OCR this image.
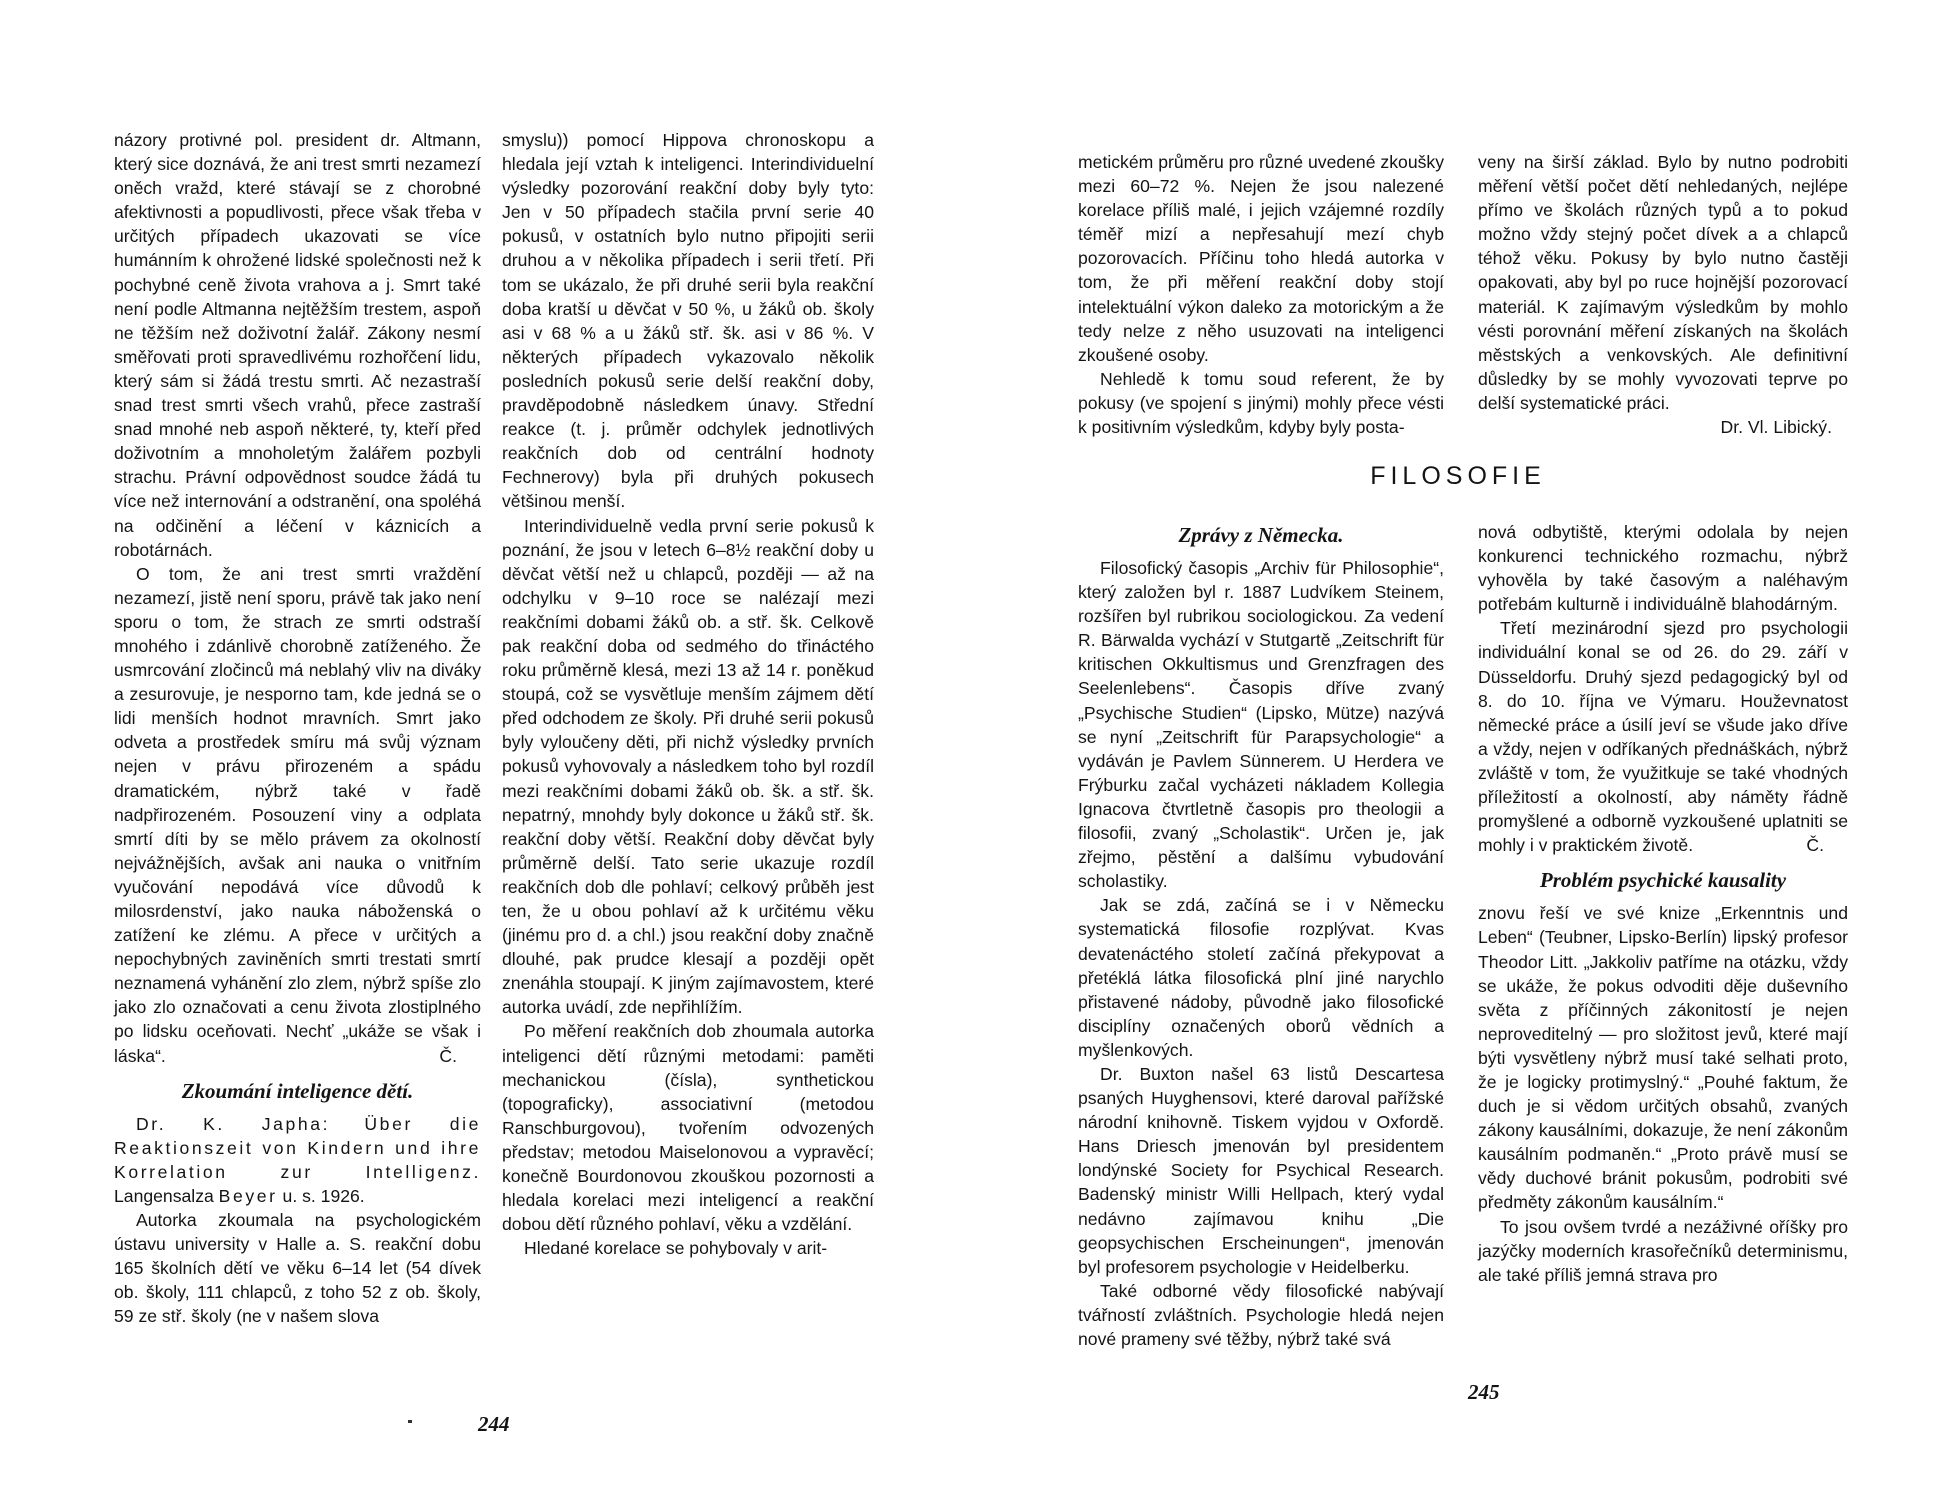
názory protivné pol. president dr. Altmann, který sice doznává, že ani trest smrti nezamezí oněch vražd, které stávají se z chorobné afektivnosti a popudlivosti, přece však třeba v určitých případech ukazovati se více humánním k ohrožené lidské společnosti než k pochybné ceně života vrahova a j. Smrt také není podle Altmanna nejtěžším trestem, aspoň ne těžším než doživotní žalář. Zákony nesmí směřovati proti spravedlivému rozhořčení lidu, který sám si žádá trestu smrti. Ač nezastraší snad trest smrti všech vrahů, přece zastraší snad mnohé neb aspoň některé, ty, kteří před doživotním a mnoholetým žalářem pozbyli strachu. Právní odpovědnost soudce žádá tu více než internování a odstranění, ona spoléhá na odčinění a léčení v káznicích a robotárnách.

O tom, že ani trest smrti vraždění nezamezí, jistě není sporu, právě tak jako není sporu o tom, že strach ze smrti odstraší mnohého i zdánlivě chorobně zatíženého. Že usmrcování zločinců má neblahý vliv na diváky a zesurovuje, je nesporno tam, kde jedná se o lidi menších hodnot mravních. Smrt jako odveta a prostředek smíru má svůj význam nejen v právu přirozeném a spádu dramatickém, nýbrž také v řadě nadpřirozeném. Posouzení viny a odplata smrtí díti by se mělo právem za okolností nejvážnějších, avšak ani nauka o vnitřním vyučování nepodává více důvodů k milosrdenství, jako nauka náboženská o zatížení ke zlému. A přece v určitých a nepochybných zaviněních smrti trestati smrtí neznamená vyhánění zlo zlem, nýbrž spíše zlo jako zlo označovati a cenu života zlostiplného po lidsku oceňovati. Nechť „ukáže se však i láska“.	Č.

Zkoumání inteligence dětí.

Dr. K. Japha: Über die Reaktionszeit von Kindern und ihre Korrelation zur Intelligenz. Langensalza Beyer u. s. 1926.

Autorka zkoumala na psychologickém ústavu university v Halle a. S. reakční dobu 165 školních dětí ve věku 6–14 let (54 dívek ob. školy, 111 chlapců, z toho 52 z ob. školy, 59 ze stř. školy (ne v našem slova

smyslu)) pomocí Hippova chronoskopu a hledala její vztah k inteligenci. Interindividuelní výsledky pozorování reakční doby byly tyto: Jen v 50 případech stačila první serie 40 pokusů, v ostatních bylo nutno připojiti serii druhou a v několika případech i serii třetí. Při tom se ukázalo, že při druhé serii byla reakční doba kratší u děvčat v 50 %, u žáků ob. školy asi v 68 % a u žáků stř. šk. asi v 86 %. V některých případech vykazovalo několik posledních pokusů serie delší reakční doby, pravděpodobně následkem únavy. Střední reakce (t. j. průměr odchylek jednotlivých reakčních dob od centrální hodnoty Fechnerovy) byla při druhých pokusech většinou menší.

Interindividuelně vedla první serie pokusů k poznání, že jsou v letech 6–8½ reakční doby u děvčat větší než u chlapců, později — až na odchylku v 9–10 roce se nalézají mezi reakčními dobami žáků ob. a stř. šk. Celkově pak reakční doba od sedmého do třináctého roku průměrně klesá, mezi 13 až 14 r. poněkud stoupá, což se vysvětluje menším zájmem dětí před odchodem ze školy. Při druhé serii pokusů byly vyloučeny děti, při nichž výsledky prvních pokusů vyhovovaly a následkem toho byl rozdíl mezi reakčními dobami žáků ob. šk. a stř. šk. nepatrný, mnohdy byly dokonce u žáků stř. šk. reakční doby větší. Reakční doby děvčat byly průměrně delší. Tato serie ukazuje rozdíl reakčních dob dle pohlaví; celkový průběh jest ten, že u obou pohlaví až k určitému věku (jinému pro d. a chl.) jsou reakční doby značně dlouhé, pak prudce klesají a později opět znenáhla stoupají. K jiným zajímavostem, které autorka uvádí, zde nepřihlížím.

Po měření reakčních dob zhoumala autorka inteligenci dětí různými metodami: paměti mechanickou (čísla), synthetickou (topograficky), associativní (metodou Ranschburgovou), tvořením odvozených představ; metodou Maiselonovou a vypravěcí; konečně Bourdonovou zkouškou pozornosti a hledala korelaci mezi inteligencí a reakční dobou dětí různého pohlaví, věku a vzdělání.

Hledané korelace se pohybovaly v arit-

244

metickém průměru pro různé uvedené zkoušky mezi 60–72 %. Nejen že jsou nalezené korelace příliš malé, i jejich vzájemné rozdíly téměř mizí a nepřesahují mezí chyb pozorovacích. Příčinu toho hledá autorka v tom, že při měření reakční doby stojí intelektuální výkon daleko za motorickým a že tedy nelze z něho usuzovati na inteligenci zkoušené osoby.

Nehledě k tomu soud referent, že by pokusy (ve spojení s jinými) mohly přece vésti k positivním výsledkům, kdyby byly posta-

veny na širší základ. Bylo by nutno podrobiti měření větší počet dětí nehledaných, nejlépe přímo ve školách různých typů a to pokud možno vždy stejný počet dívek a a chlapců téhož věku. Pokusy by bylo nutno častěji opakovati, aby byl po ruce hojnější pozorovací materiál. K zajímavým výsledkům by mohlo vésti porovnání měření získaných na školách městských a venkovských. Ale definitivní důsledky by se mohly vyvozovati teprve po delší systematické práci.

Dr. Vl. Libický.

FILOSOFIE
Zprávy z Německa.

Filosofický časopis „Archiv für Philosophie“, který založen byl r. 1887 Ludvíkem Steinem, rozšířen byl rubrikou sociologickou. Za vedení R. Bärwalda vychází v Stutgartě „Zeitschrift für kritischen Okkultismus und Grenzfragen des Seelenlebens“. Časopis dříve zvaný „Psychische Studien“ (Lipsko, Mütze) nazývá se nyní „Zeitschrift für Parapsychologie“ a vydáván je Pavlem Sünnerem. U Herdera ve Frýburku začal vycházeti nákladem Kollegia Ignacova čtvrtletně časopis pro theologii a filosofii, zvaný „Scholastik“. Určen je, jak zřejmo, pěstění a dalšímu vybudování scholastiky.

Jak se zdá, začíná se i v Německu systematická filosofie rozplývat. Kvas devatenáctého století začíná překypovat a přetéklá látka filosofická plní jiné narychlo přistavené nádoby, původně jako filosofické disciplíny označených oborů vědních a myšlenkových.

Dr. Buxton našel 63 listů Descartesa psaných Huyghensovi, které daroval pařížské národní knihovně. Tiskem vyjdou v Oxfordě. Hans Driesch jmenován byl presidentem londýnské Society for Psychical Research. Badenský ministr Willi Hellpach, který vydal nedávno zajímavou knihu „Die geopsychischen Erscheinungen“, jmenován byl profesorem psychologie v Heidelberku.

Také odborné vědy filosofické nabývají tvářností zvláštních. Psychologie hledá nejen nové prameny své těžby, nýbrž také svá

nová odbytiště, kterými odolala by nejen konkurenci technického rozmachu, nýbrž vyhověla by také časovým a naléhavým potřebám kulturně i individuálně blahodárným.

Třetí mezinárodní sjezd pro psychologii individuální konal se od 26. do 29. září v Düsseldorfu. Druhý sjezd pedagogický byl od 8. do 10. října ve Výmaru. Houževnatost německé práce a úsilí jeví se všude jako dříve a vždy, nejen v odříkaných přednáškách, nýbrž zvláště v tom, že využitkuje se také vhodných příležitostí a okolností, aby náměty řádně promyšlené a odborně vyzkoušené uplatniti se mohly i v praktickém životě.	Č.

Problém psychické kausality

znovu řeší ve své knize „Erkenntnis und Leben“ (Teubner, Lipsko-Berlín) lipský profesor Theodor Litt. „Jakkoliv patříme na otázku, vždy se ukáže, že pokus odvoditi děje duševního světa z příčinných zákonitostí je nejen neproveditelný — pro složitost jevů, které mají býti vysvětleny nýbrž musí také selhati proto, že je logicky protimyslný.“ „Pouhé faktum, že duch je si vědom určitých obsahů, zvaných zákony kausálními, dokazuje, že není zákonům kausálním podmaněn.“ „Proto právě musí se vědy duchové bránit pokusům, podrobiti své předměty zákonům kausálním.“

To jsou ovšem tvrdé a nezáživné oříšky pro jazýčky moderních krasořečníků determinismu, ale také příliš jemná strava pro

245
